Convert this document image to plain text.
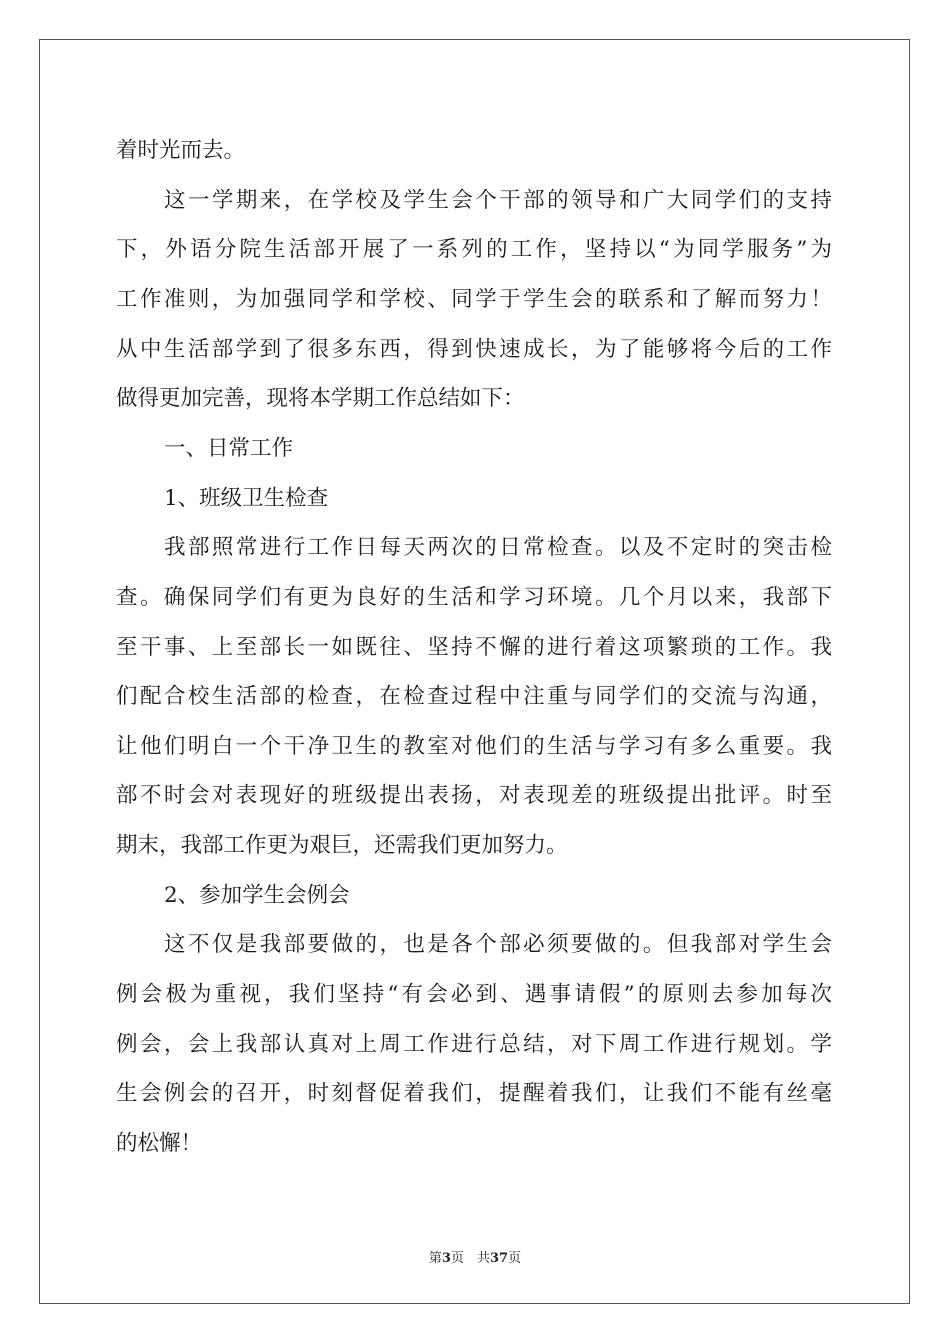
着时光而去。
这一学期来，在学校及学生会个干部的领导和广大同学们的支持
下，外语分院生活部开展了一系列的工作，坚持以“为同学服务”为
工作准则，为加强同学和学校、同学于学生会的联系和了解而努力！
从中生活部学到了很多东西，得到快速成长，为了能够将今后的工作
做得更加完善，现将本学期工作总结如下：
一、日常工作
1、班级卫生检查
我部照常进行工作日每天两次的日常检查。以及不定时的突击检
查。确保同学们有更为良好的生活和学习环境。几个月以来，我部下
至干事、上至部长一如既往、坚持不懈的进行着这项繁琐的工作。我
们配合校生活部的检查，在检查过程中注重与同学们的交流与沟通，
让他们明白一个干净卫生的教室对他们的生活与学习有多么重要。我
部不时会对表现好的班级提出表扬，对表现差的班级提出批评。时至
期末，我部工作更为艰巨，还需我们更加努力。
2、参加学生会例会
这不仅是我部要做的，也是各个部必须要做的。但我部对学生会
例会极为重视，我们坚持“有会必到、遇事请假”的原则去参加每次
例会，会上我部认真对上周工作进行总结，对下周工作进行规划。学
生会例会的召开，时刻督促着我们，提醒着我们，让我们不能有丝毫
的松懈！
第3页　共37页
